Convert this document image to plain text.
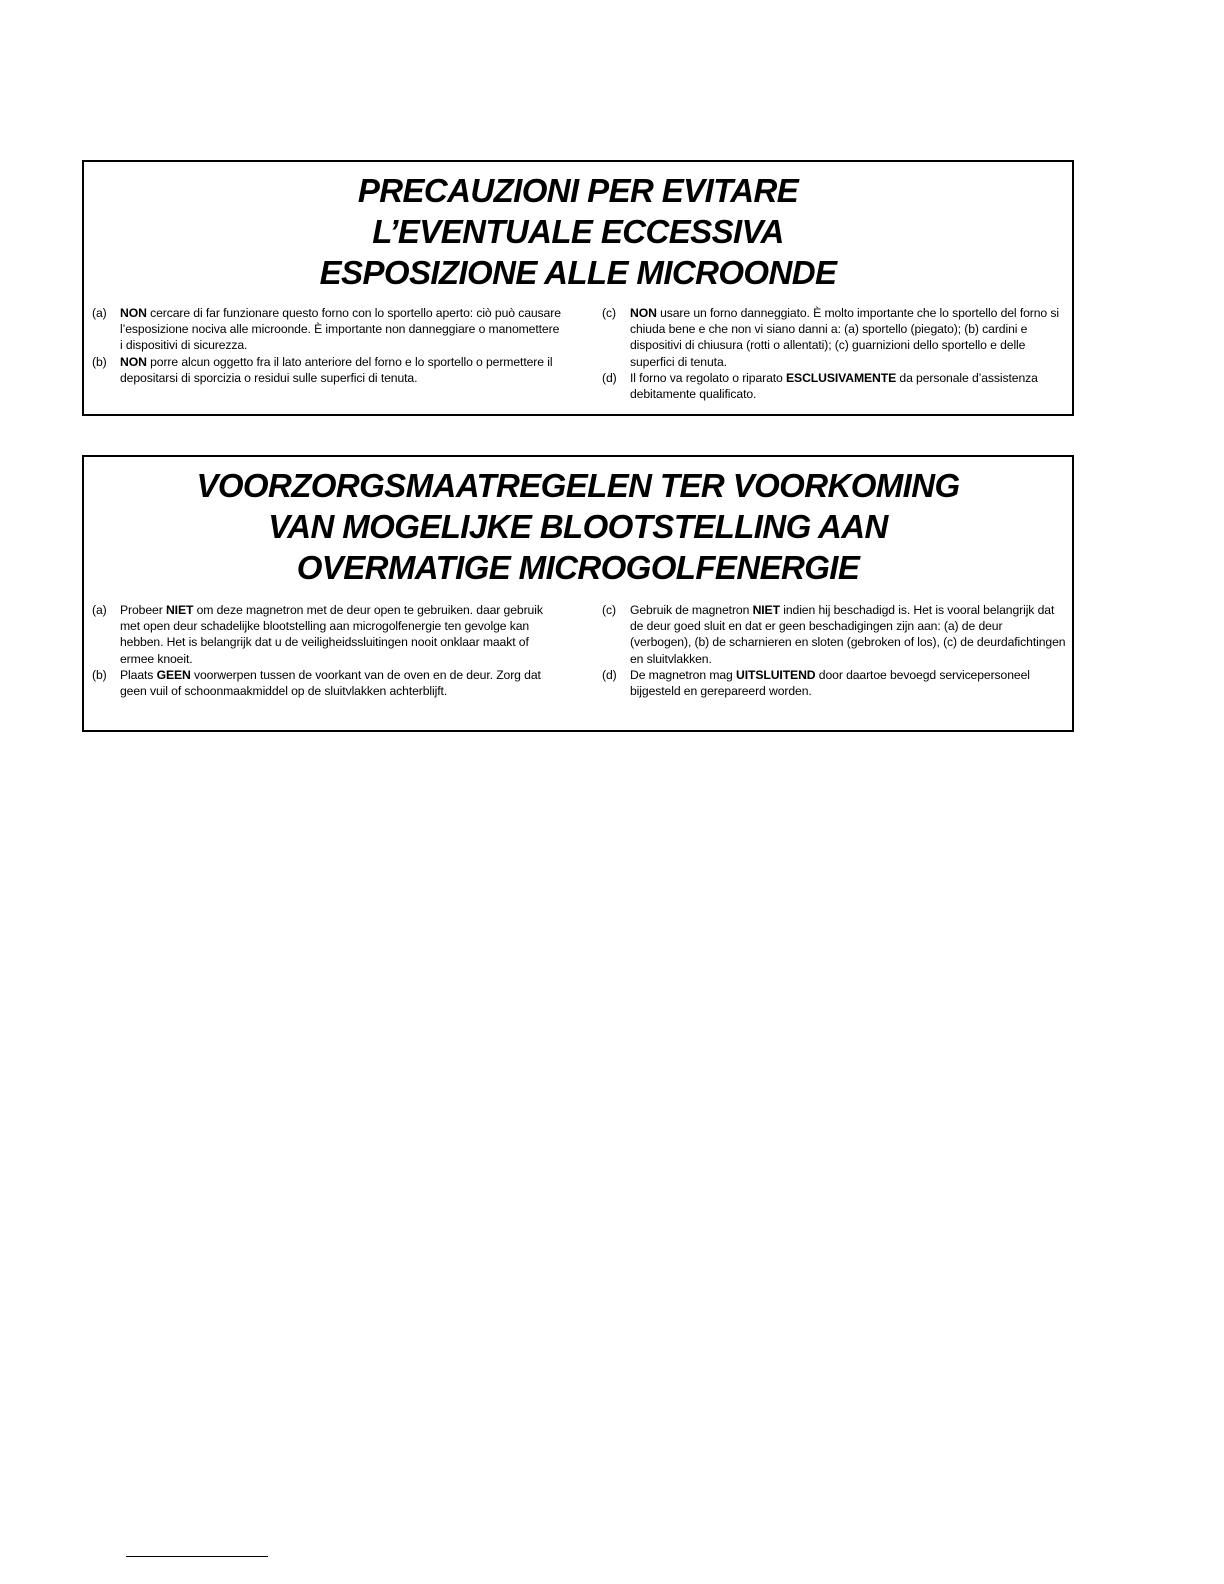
PRECAUZIONI PER EVITARE
L’EVENTUALE ECCESSIVA
ESPOSIZIONE ALLE MICROONDE
(a) NON cercare di far funzionare questo forno con lo sportello aperto: ciò può causare l’esposizione nociva alle microonde. È importante non danneggiare o manomettere i dispositivi di sicurezza.
(b) NON porre alcun oggetto fra il lato anteriore del forno e lo sportello o permettere il depositarsi di sporcizia o residui sulle superfici di tenuta.
(c) NON usare un forno danneggiato. È molto importante che lo sportello del forno si chiuda bene e che non vi siano danni a: (a) sportello (piegato); (b) cardini e dispositivi di chiusura (rotti o allentati); (c) guarnizioni dello sportello e delle superfici di tenuta.
(d) Il forno va regolato o riparato ESCLUSIVAMENTE da personale d’assistenza debitamente qualificato.
VOORZORGSMAATREGELEN TER VOORKOMING
VAN MOGELIJKE BLOOTSTELLING AAN
OVERMATIGE MICROGOLFENERGIE
(a) Probeer NIET om deze magnetron met de deur open te gebruiken. daar gebruik met open deur schadelijke blootstelling aan microgolfenergie ten gevolge kan hebben. Het is belangrijk dat u de veiligheidssluitingen nooit onklaar maakt of ermee knoeit.
(b) Plaats GEEN voorwerpen tussen de voorkant van de oven en de deur. Zorg dat geen vuil of schoonmaakmiddel op de sluitvlakken achterblijft.
(c) Gebruik de magnetron NIET indien hij beschadigd is. Het is vooral belangrijk dat de deur goed sluit en dat er geen beschadigingen zijn aan: (a) de deur (verbogen), (b) de scharnieren en sloten (gebroken of los), (c) de deurdafichtingen en sluitvlakken.
(d) De magnetron mag UITSLUITEND door daartoe bevoegd servicepersoneel bijgesteld en gerepareerd worden.
